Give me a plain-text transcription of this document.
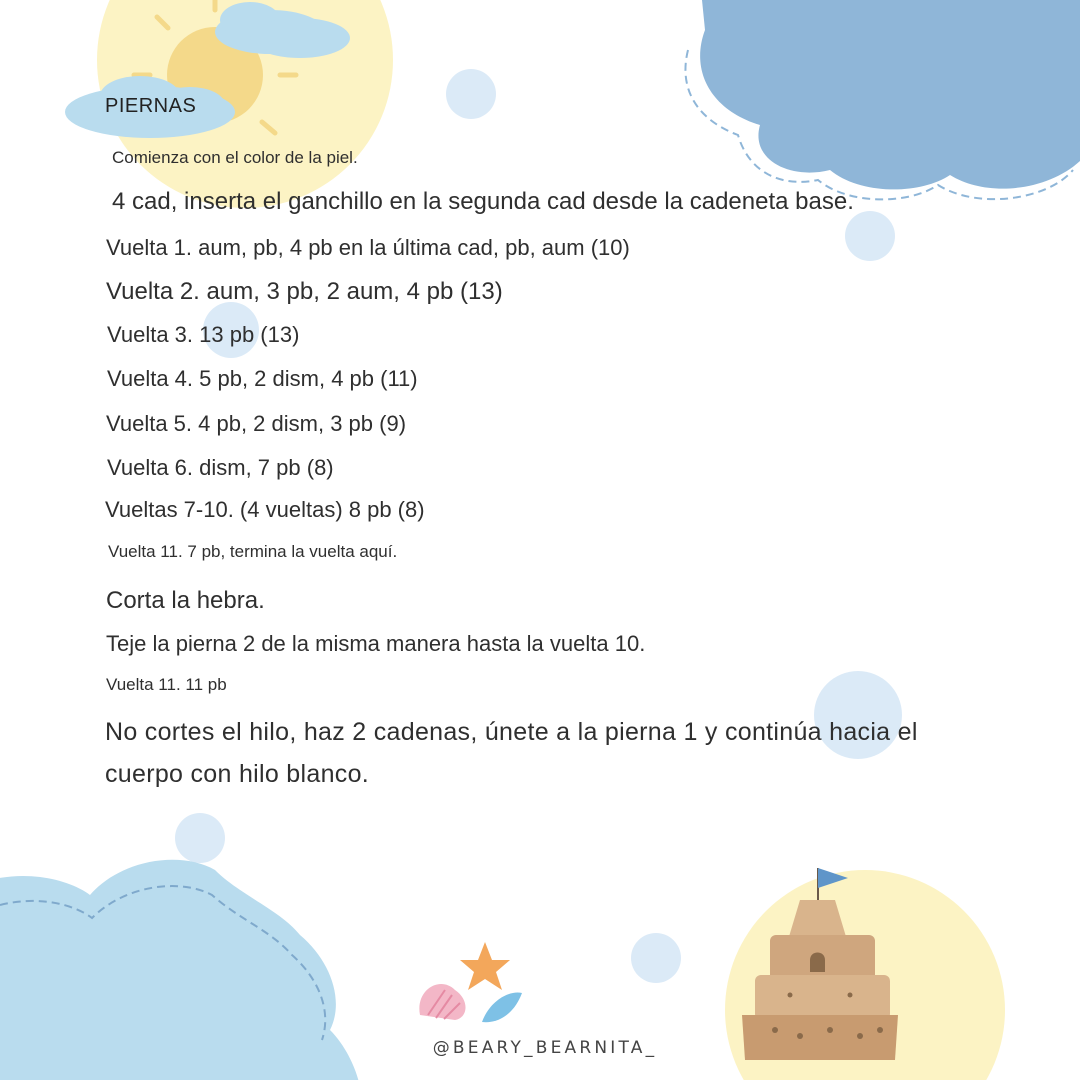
PIERNAS
Comienza con el color de la piel.
4 cad, inserta el ganchillo en la segunda cad desde la cadeneta base.
Vuelta 1. aum, pb, 4 pb en la última cad, pb, aum (10)
Vuelta 2. aum, 3 pb, 2 aum, 4 pb (13)
Vuelta 3. 13 pb (13)
Vuelta 4. 5 pb, 2 dism, 4 pb (11)
Vuelta 5. 4 pb, 2 dism, 3 pb (9)
Vuelta 6. dism, 7 pb (8)
Vueltas 7-10. (4 vueltas) 8 pb (8)
Vuelta 11. 7 pb, termina la vuelta aquí.
Corta la hebra.
Teje la pierna 2 de la misma manera hasta la vuelta 10.
Vuelta 11. 11 pb
No cortes el hilo, haz 2 cadenas, únete a la pierna 1 y continúa hacia el
cuerpo con hilo blanco.
@BEARY_BEARNITA_
